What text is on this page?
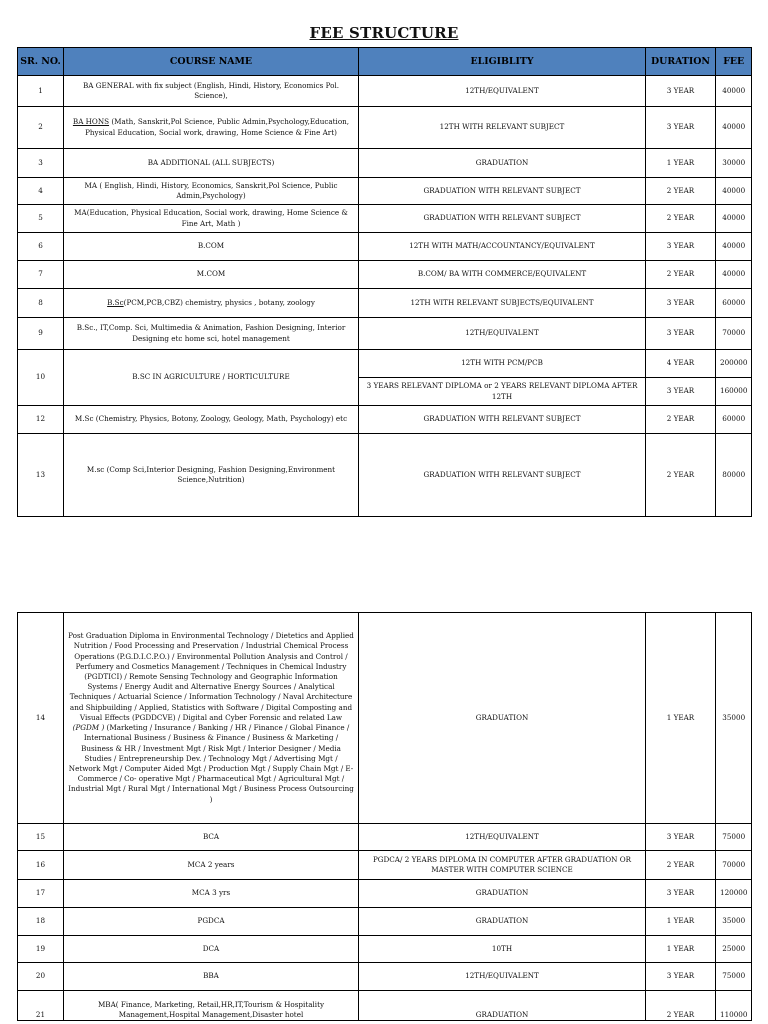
FEE STRUCTURE
SR. NO.	COURSE NAME	ELIGIBLITY	DURATION	FEE
1	BA GENERAL with fix subject (English, Hindi, History, Economics Pol. Science),	12TH/EQUIVALENT	3 YEAR	40000
2	BA HONS (Math, Sanskrit,Pol Science, Public Admin,Psychology,Education, Physical Education, Social work, drawing, Home Science & Fine Art)	12TH WITH RELEVANT SUBJECT	3 YEAR	40000
3	BA ADDITIONAL (ALL SUBJECTS)	GRADUATION	1 YEAR	30000
4	MA ( English, Hindi, History, Economics, Sanskrit,Pol Science, Public Admin,Psychology)	GRADUATION WITH RELEVANT SUBJECT	2 YEAR	40000
5	MA(Education, Physical Education, Social work, drawing, Home Science & Fine Art, Math )	GRADUATION WITH RELEVANT SUBJECT	2 YEAR	40000
6	B.COM	12TH WITH MATH/ACCOUNTANCY/EQUIVALENT	3 YEAR	40000
7	M.COM	B.COM/ BA WITH COMMERCE/EQUIVALENT	2 YEAR	40000
8	B.Sc(PCM,PCB,CBZ) chemistry, physics , botany, zoology	12TH WITH RELEVANT SUBJECTS/EQUIVALENT	3 YEAR	60000
9	B.Sc., IT,Comp. Sci, Multimedia & Animation, Fashion Designing, Interior Designing etc home sci, hotel management	12TH/EQUIVALENT	3 YEAR	70000
10	B.SC IN AGRICULTURE / HORTICULTURE	12TH WITH PCM/PCB	4 YEAR	200000
		3 YEARS RELEVANT DIPLOMA or 2 YEARS RELEVANT DIPLOMA AFTER 12TH	3 YEAR	160000
12	M.Sc (Chemistry, Physics, Botony, Zoology, Geology, Math, Psychology) etc	GRADUATION WITH RELEVANT SUBJECT	2 YEAR	60000
13	M.sc (Comp Sci,Interior Designing, Fashion Designing,Environment Science,Nutrition)	GRADUATION WITH RELEVANT SUBJECT	2 YEAR	80000
14	Post Graduation Diploma in Environmental Technology / Dietetics and Applied Nutrition / Food Processing and Preservation / Industrial Chemical Process Operations (P.G.D.I.C.P.O.) / Environmental Pollution Analysis and Control / Perfumery and Cosmetics Management / Techniques in Chemical Industry (PGDTICI) / Remote Sensing Technology and Geographic Information Systems / Energy Audit and Alternative Energy Sources / Analytical Techniques / Actuarial Science / Information Technology / Naval Architecture and Shipbuilding / Applied, Statistics with Software / Digital Composting and Visual Effects (PGDDCVE) / Digital and Cyber Forensic and related Law (PGDM ) (Marketing / Insurance / Banking / HR / Finance / Global Finance / International Business / Business & Finance / Business & Marketing / Business & HR / Investment Mgt / Risk Mgt / Interior Designer / Media Studies / Entrepreneurship Dev. / Technology Mgt / Advertising Mgt / Network Mgt / Computer Aided Mgt / Production Mgt / Supply Chain Mgt / E-Commerce / Co- operative Mgt / Pharmaceutical Mgt / Agricultural Mgt / Industrial Mgt / Rural Mgt / International Mgt / Business Process Outsourcing )	GRADUATION	1 YEAR	35000
15	BCA	12TH/EQUIVALENT	3 YEAR	75000
16	MCA 2 years	PGDCA/ 2 YEARS DIPLOMA IN COMPUTER AFTER GRADUATION OR MASTER WITH COMPUTER SCIENCE	2 YEAR	70000
17	MCA 3 yrs	GRADUATION	3 YEAR	120000
18	PGDCA	GRADUATION	1 YEAR	35000
19	DCA	10TH	1 YEAR	25000
20	BBA	12TH/EQUIVALENT	3 YEAR	75000
21	MBA( Finance, Marketing, Retail,HR,IT,Tourism & Hospitality Management,Hospital Management,Disaster hotel	GRADUATION	2 YEAR	110000
